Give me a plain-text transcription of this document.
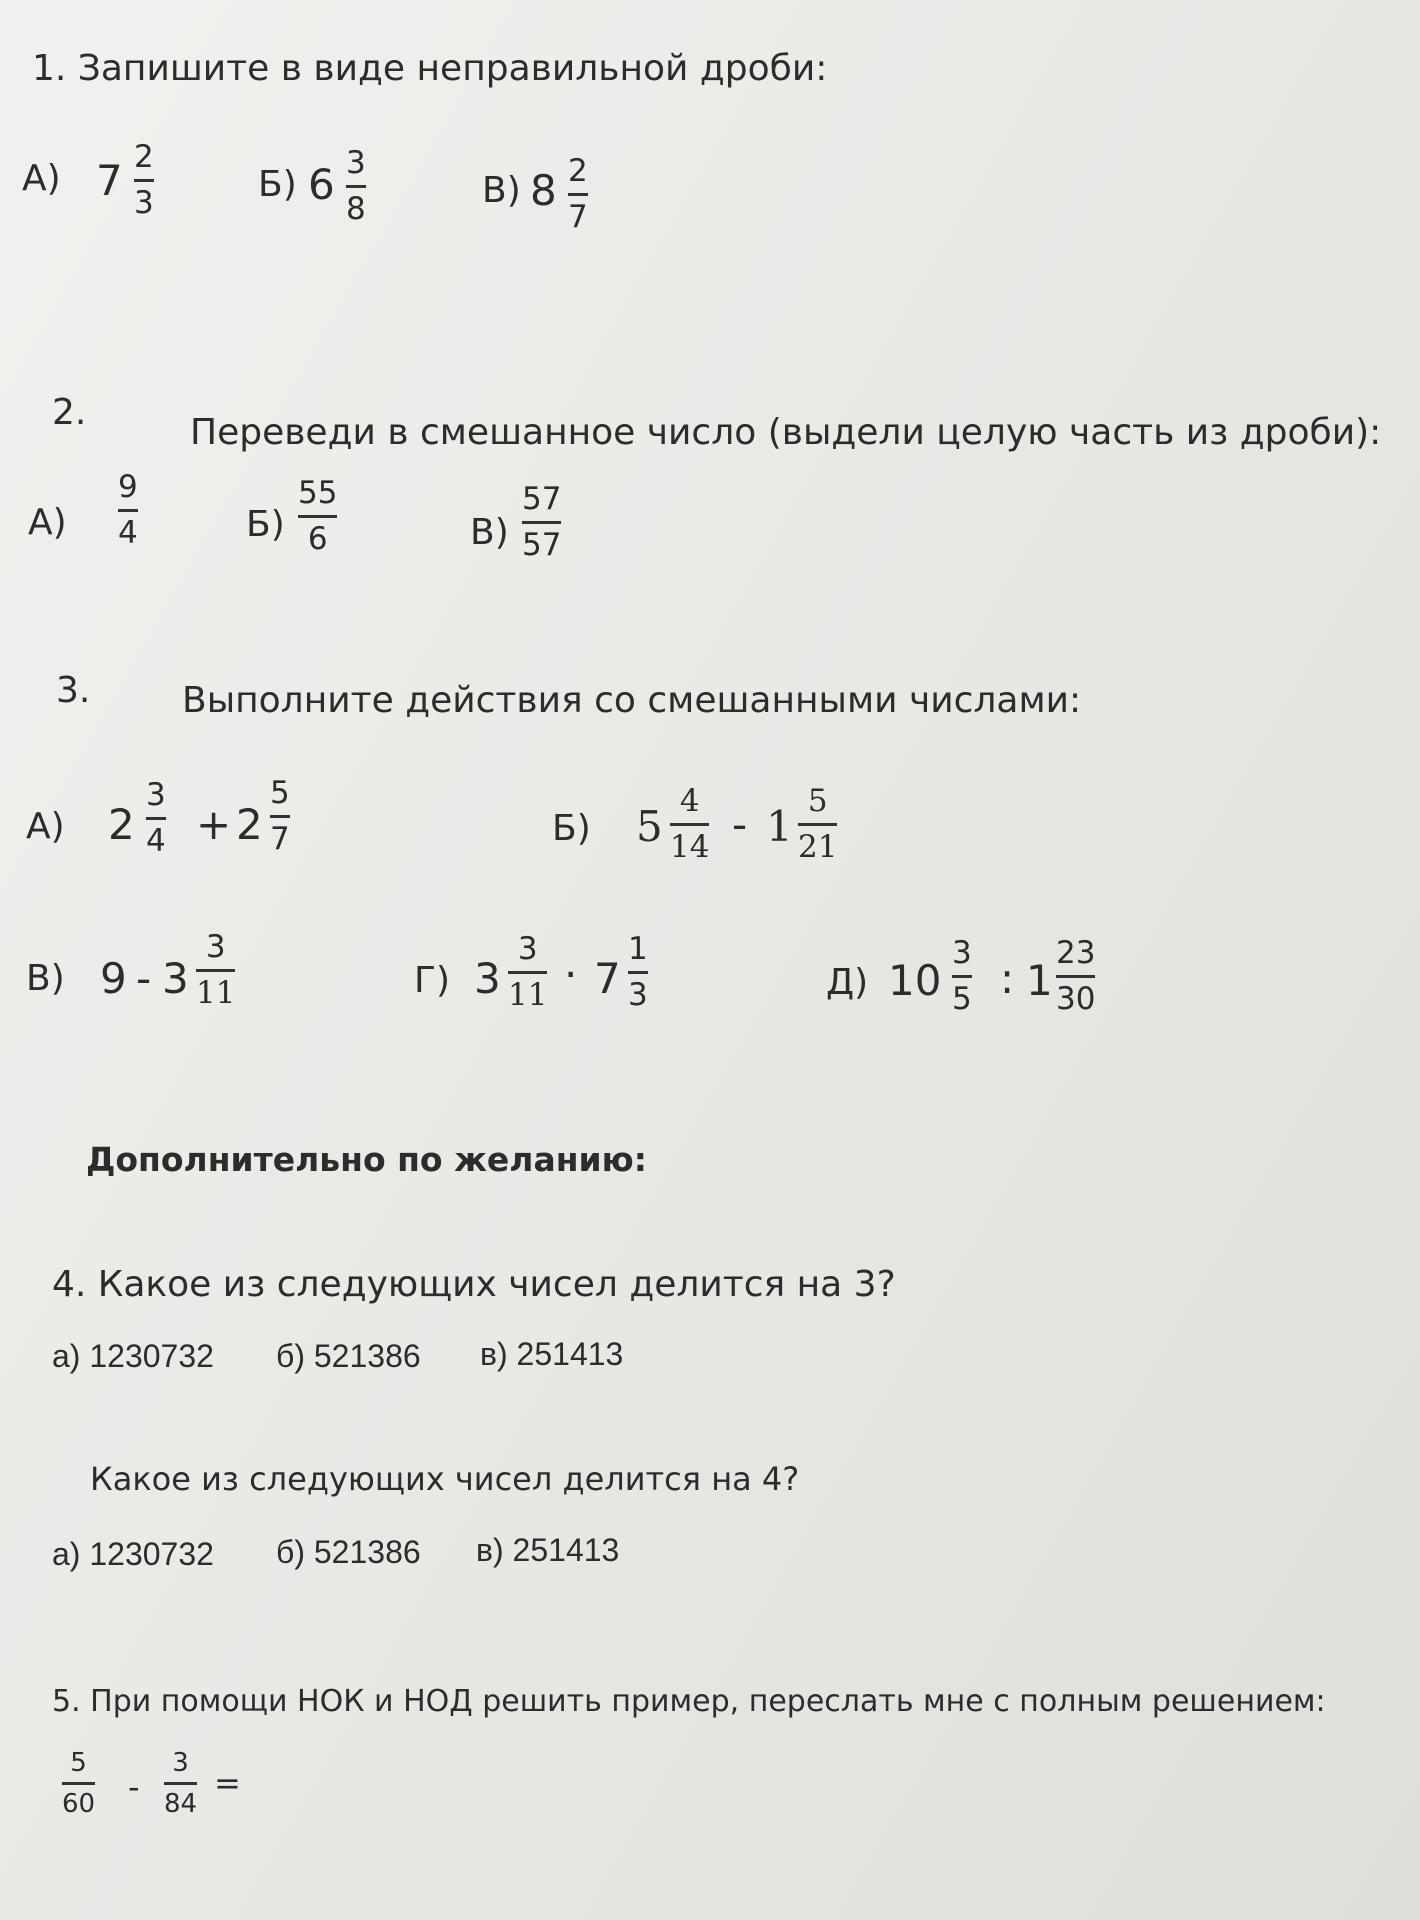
1. Запишите в виде неправильной дроби:
А) 7 2
3	Б) 6 3
8	В) 8 2
7
2.	Переведи в смешанное число (выдели целую часть из дроби):
А)
9
4	Б)
55
6	В)
57
57
3.	Выполните действия со смешанными числами:
А) 2
3
4 + 2
5
7	Б) 5
4
14 - 1
5
21
В) 9 - 3
3
11	Г) 3
3
11 · 7
1
3	Д) 10
3
5 : 1
23
30
Дополнительно по желанию:
4. Какое из следующих чисел делится на 3?
а) 1230732 б) 521386 в) 251413
Какое из следующих чисел делится на 4?
а) 1230732 б) 521386 в) 251413
5. При помощи НОК и НОД решить пример, переслать мне с полным решением:
5
60 -
3
84
=
